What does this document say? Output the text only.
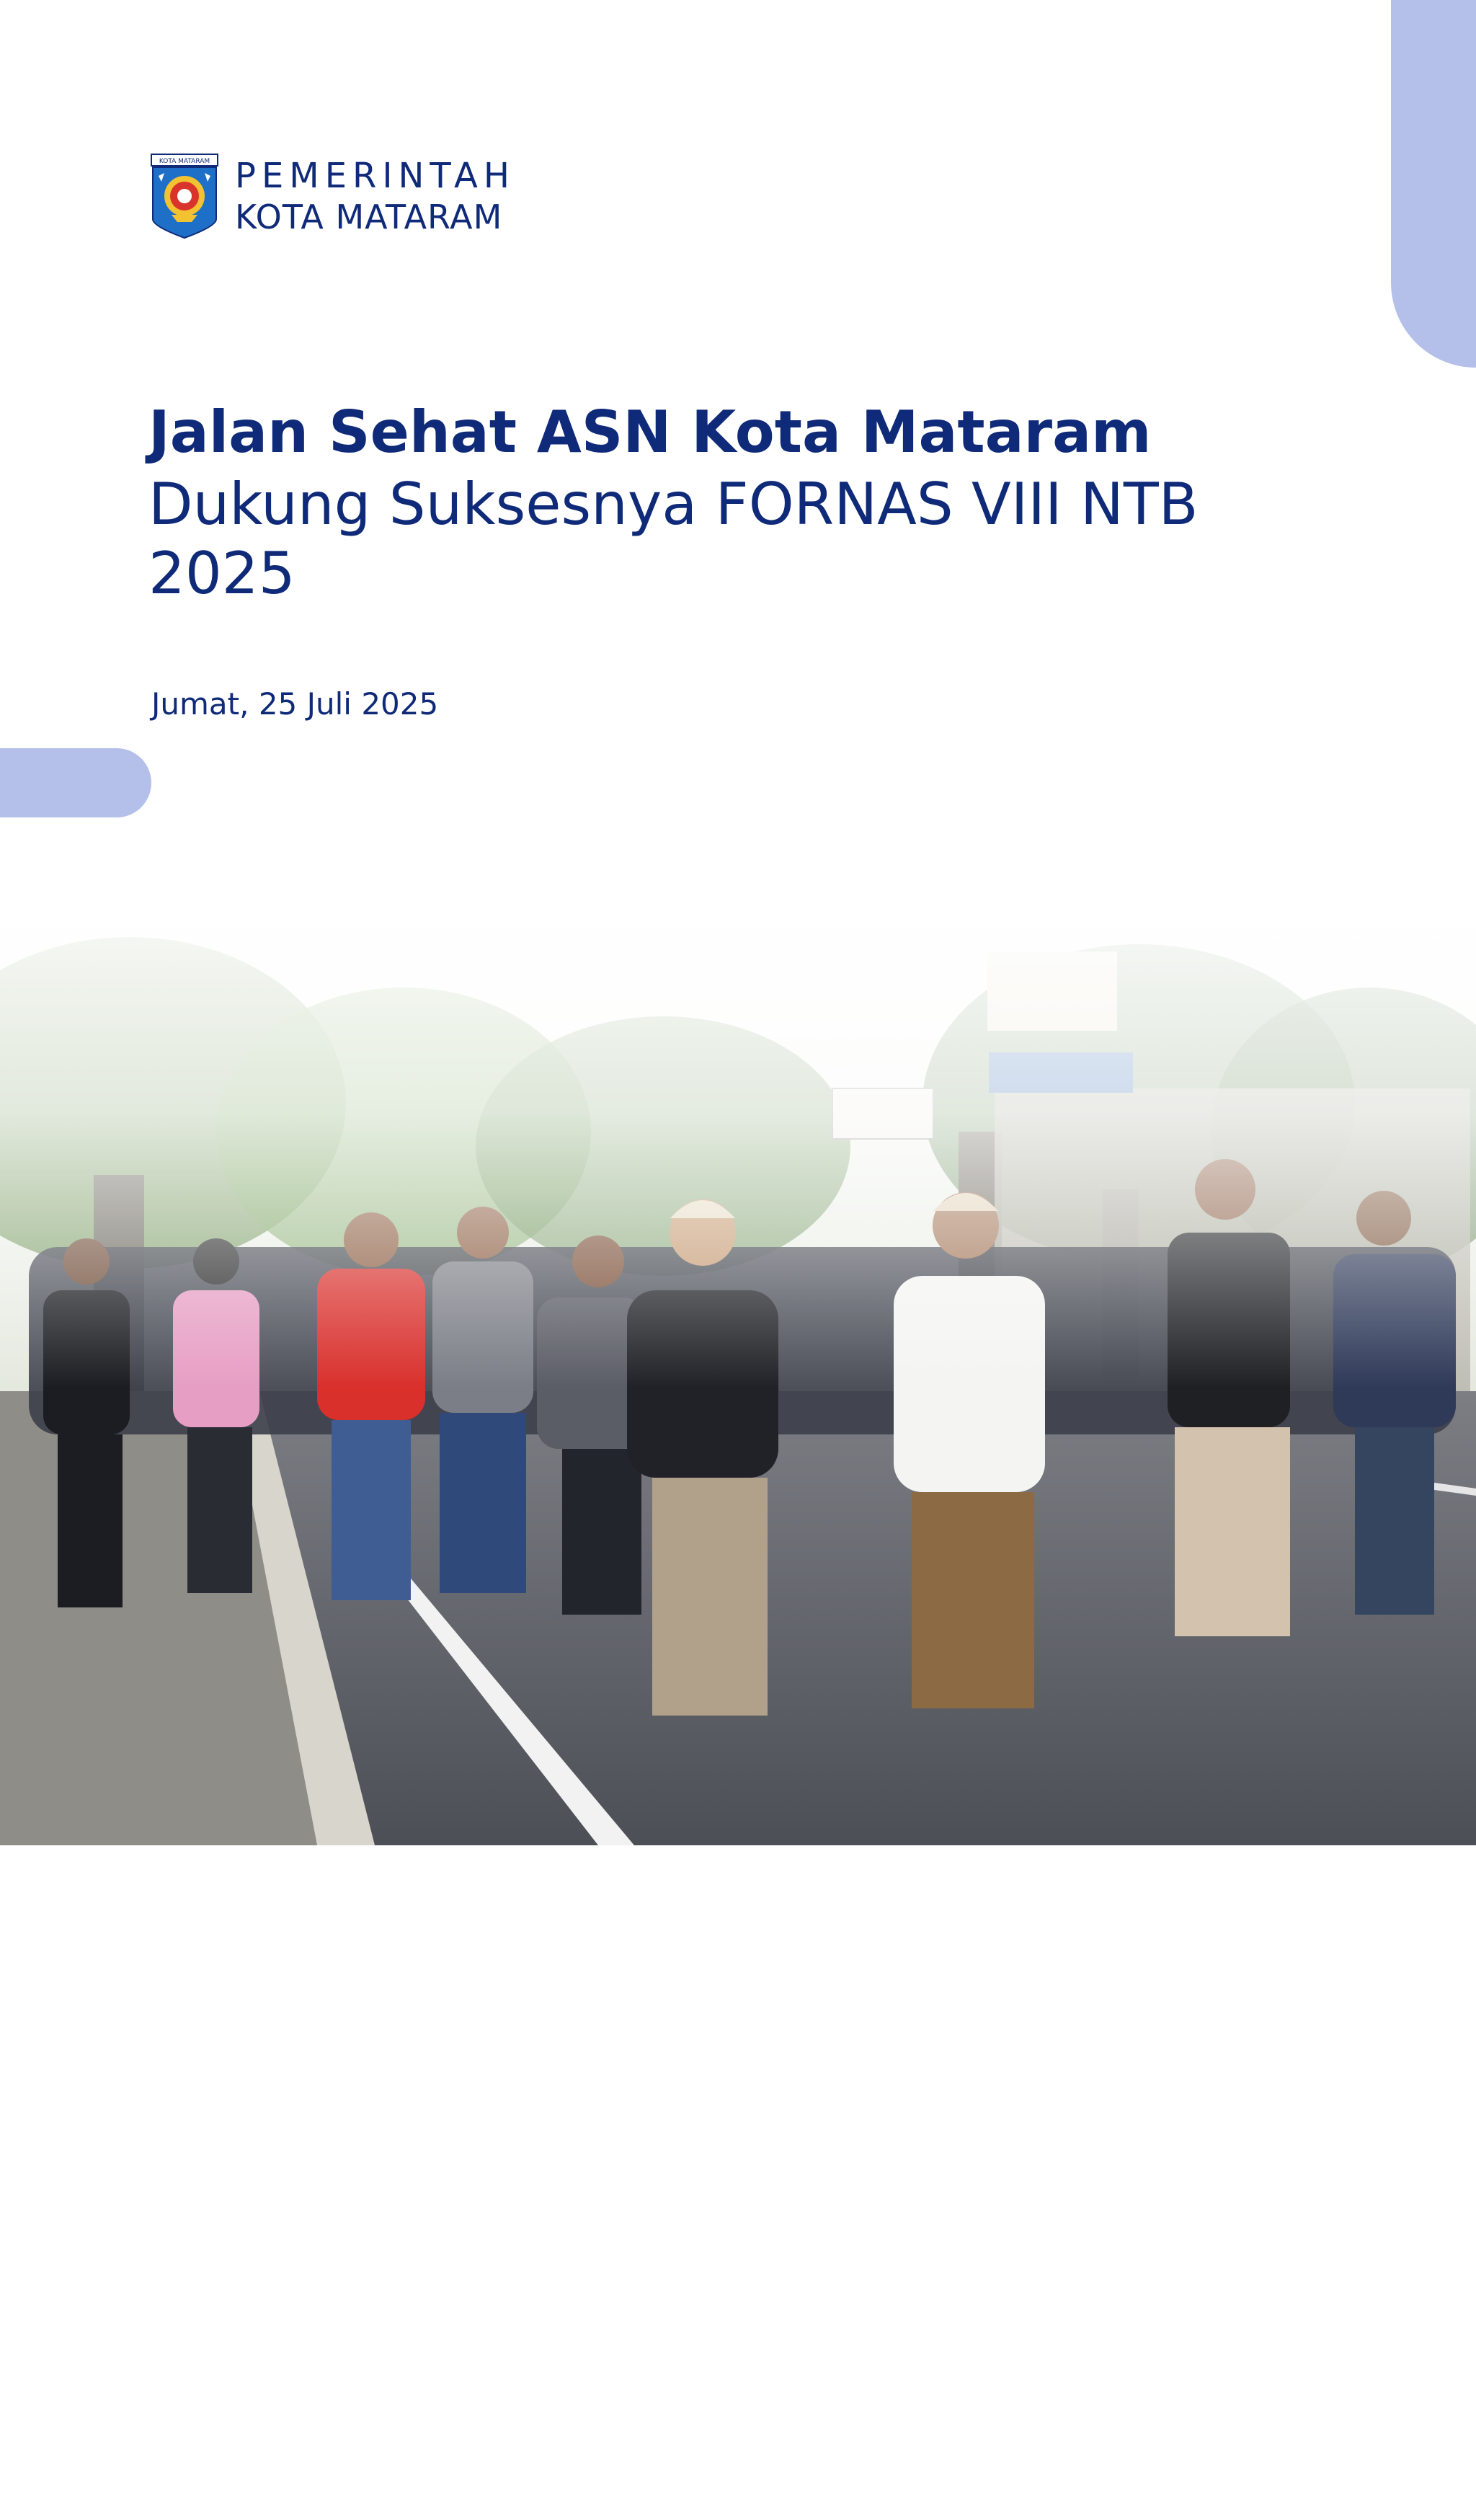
KOTA MATARAM PEMERINTAH
KOTA MATARAM

Jalan Sehat ASN Kota Mataram

Dukung Suksesnya FORNAS VIII NTB 2025

Jumat, 25 Juli 2025
Bidang IKP | Diskominfo Mataram
